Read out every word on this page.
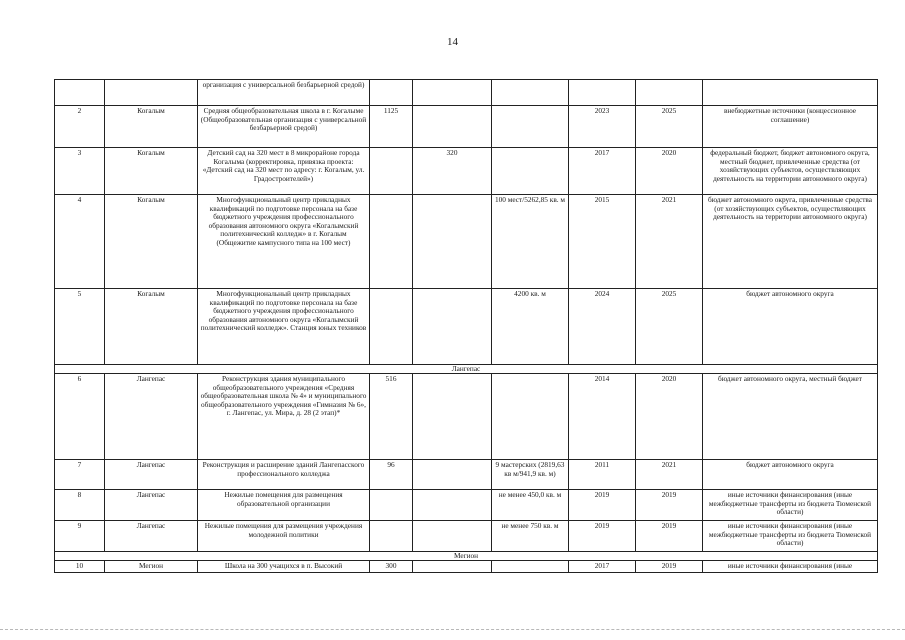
14
		организация с универсальной безбарьерной средой)						
2	Когалым	Средняя общеобразовательная школа в г. Когалыме (Общеобразовательная организация с универсальной безбарьерной средой)	1125			2023	2025	внебюджетные источники (концессионное соглашение)
3	Когалым	Детский сад на 320 мест в 8 микрорайоне города Когалыма (корректировка, привязка проекта: «Детский сад на 320 мест по адресу: г. Когалым, ул. Градостроителей»)		320		2017	2020	федеральный бюджет, бюджет автономного округа, местный бюджет, привлеченные средства (от хозяйствующих субъектов, осуществляющих деятельность на территории автономного округа)
4	Когалым	Многофункциональный центр прикладных квалификаций по подготовке персонала на базе бюджетного учреждения профессионального образования автономного округа «Когалымский политехнический колледж» в г. Когалым (Общежитие кампусного типа на 100 мест)			100 мест/5262,85 кв. м	2015	2021	бюджет автономного округа, привлеченные средства (от хозяйствующих субъектов, осуществляющих деятельность на территории автономного округа)
5	Когалым	Многофункциональный центр прикладных квалификаций по подготовке персонала на базе бюджетного учреждения профессионального образования автономного округа «Когалымский политехнический колледж». Станция юных техников			4200 кв. м	2024	2025	бюджет автономного округа
Лангепас								
6	Лангепас	Реконструкция здания муниципального общеобразовательного учреждения «Средняя общеобразовательная школа № 4» и муниципального общеобразовательного учреждения «Гимназия № 6», г. Лангепас, ул. Мира, д. 28 (2 этап)*	516			2014	2020	бюджет автономного округа, местный бюджет
7	Лангепас	Реконструкция и расширение зданий Лангепасского профессионального колледжа	96		9 мастерских (2819,63 кв м/941,9 кв. м)	2011	2021	бюджет автономного округа
8	Лангепас	Нежилые помещения для размещения образовательной организации			не менее 450,0 кв. м	2019	2019	иные источники финансирования (иные межбюджетные трансферты из бюджета Тюменской области)
9	Лангепас	Нежилые помещения для размещения учреждения молодежной политики			не менее 750 кв. м	2019	2019	иные источники финансирования (иные межбюджетные трансферты из бюджета Тюменской области)
Мегион								
10	Мегион	Школа на 300 учащихся в п. Высокий	300			2017	2019	иные источники финансирования (иные
